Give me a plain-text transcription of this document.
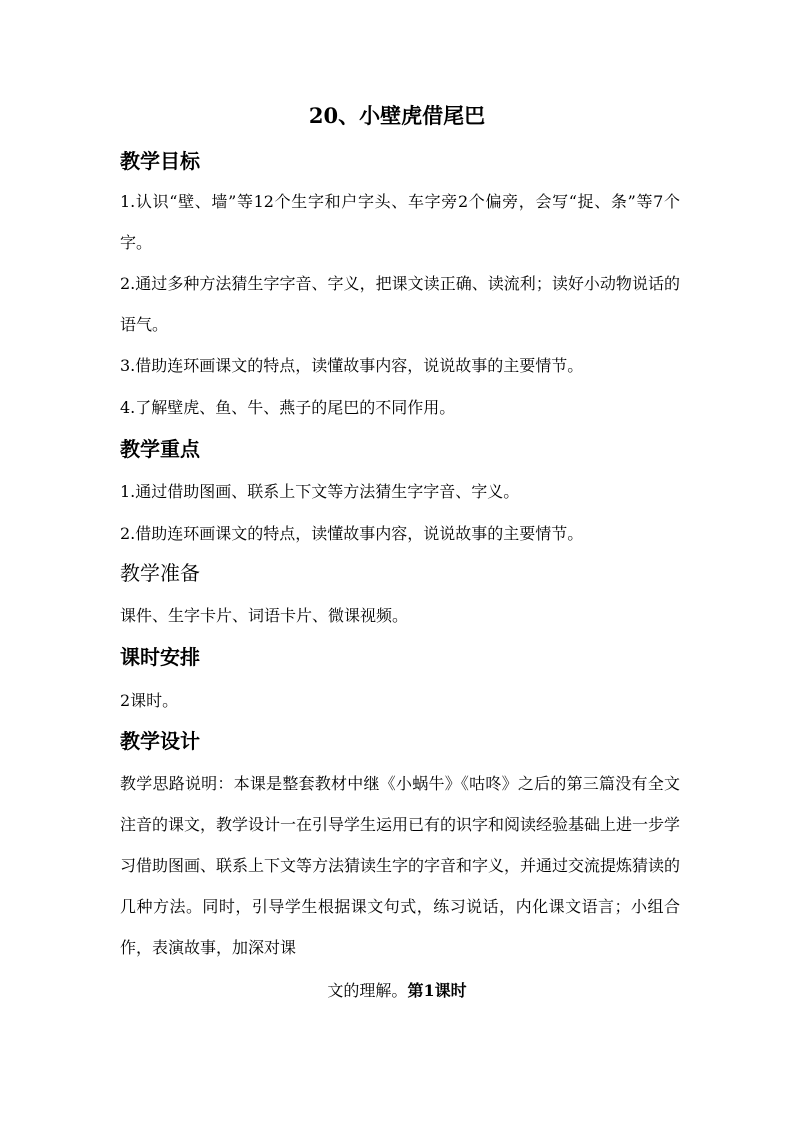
20、小壁虎借尾巴
教学目标
1.认识“壁、墙”等12个生字和户字头、车字旁2个偏旁，会写“捉、条”等7个字。
2.通过多种方法猜生字字音、字义，把课文读正确、读流利；读好小动物说话的语气。
3.借助连环画课文的特点，读懂故事内容，说说故事的主要情节。
4.了解壁虎、鱼、牛、燕子的尾巴的不同作用。
教学重点
1.通过借助图画、联系上下文等方法猜生字字音、字义。
2.借助连环画课文的特点，读懂故事内容，说说故事的主要情节。
教学准备
课件、生字卡片、词语卡片、微课视频。
课时安排
2课时。
教学设计
教学思路说明：本课是整套教材中继《小蜗牛》《咕咚》之后的第三篇没有全文注音的课文，教学设计一在引导学生运用已有的识字和阅读经验基础上进一步学习借助图画、联系上下文等方法猜读生字的字音和字义，并通过交流提炼猜读的几种方法。同时，引导学生根据课文句式，练习说话，内化课文语言；小组合作，表演故事，加深对课
文的理解。第1课时
